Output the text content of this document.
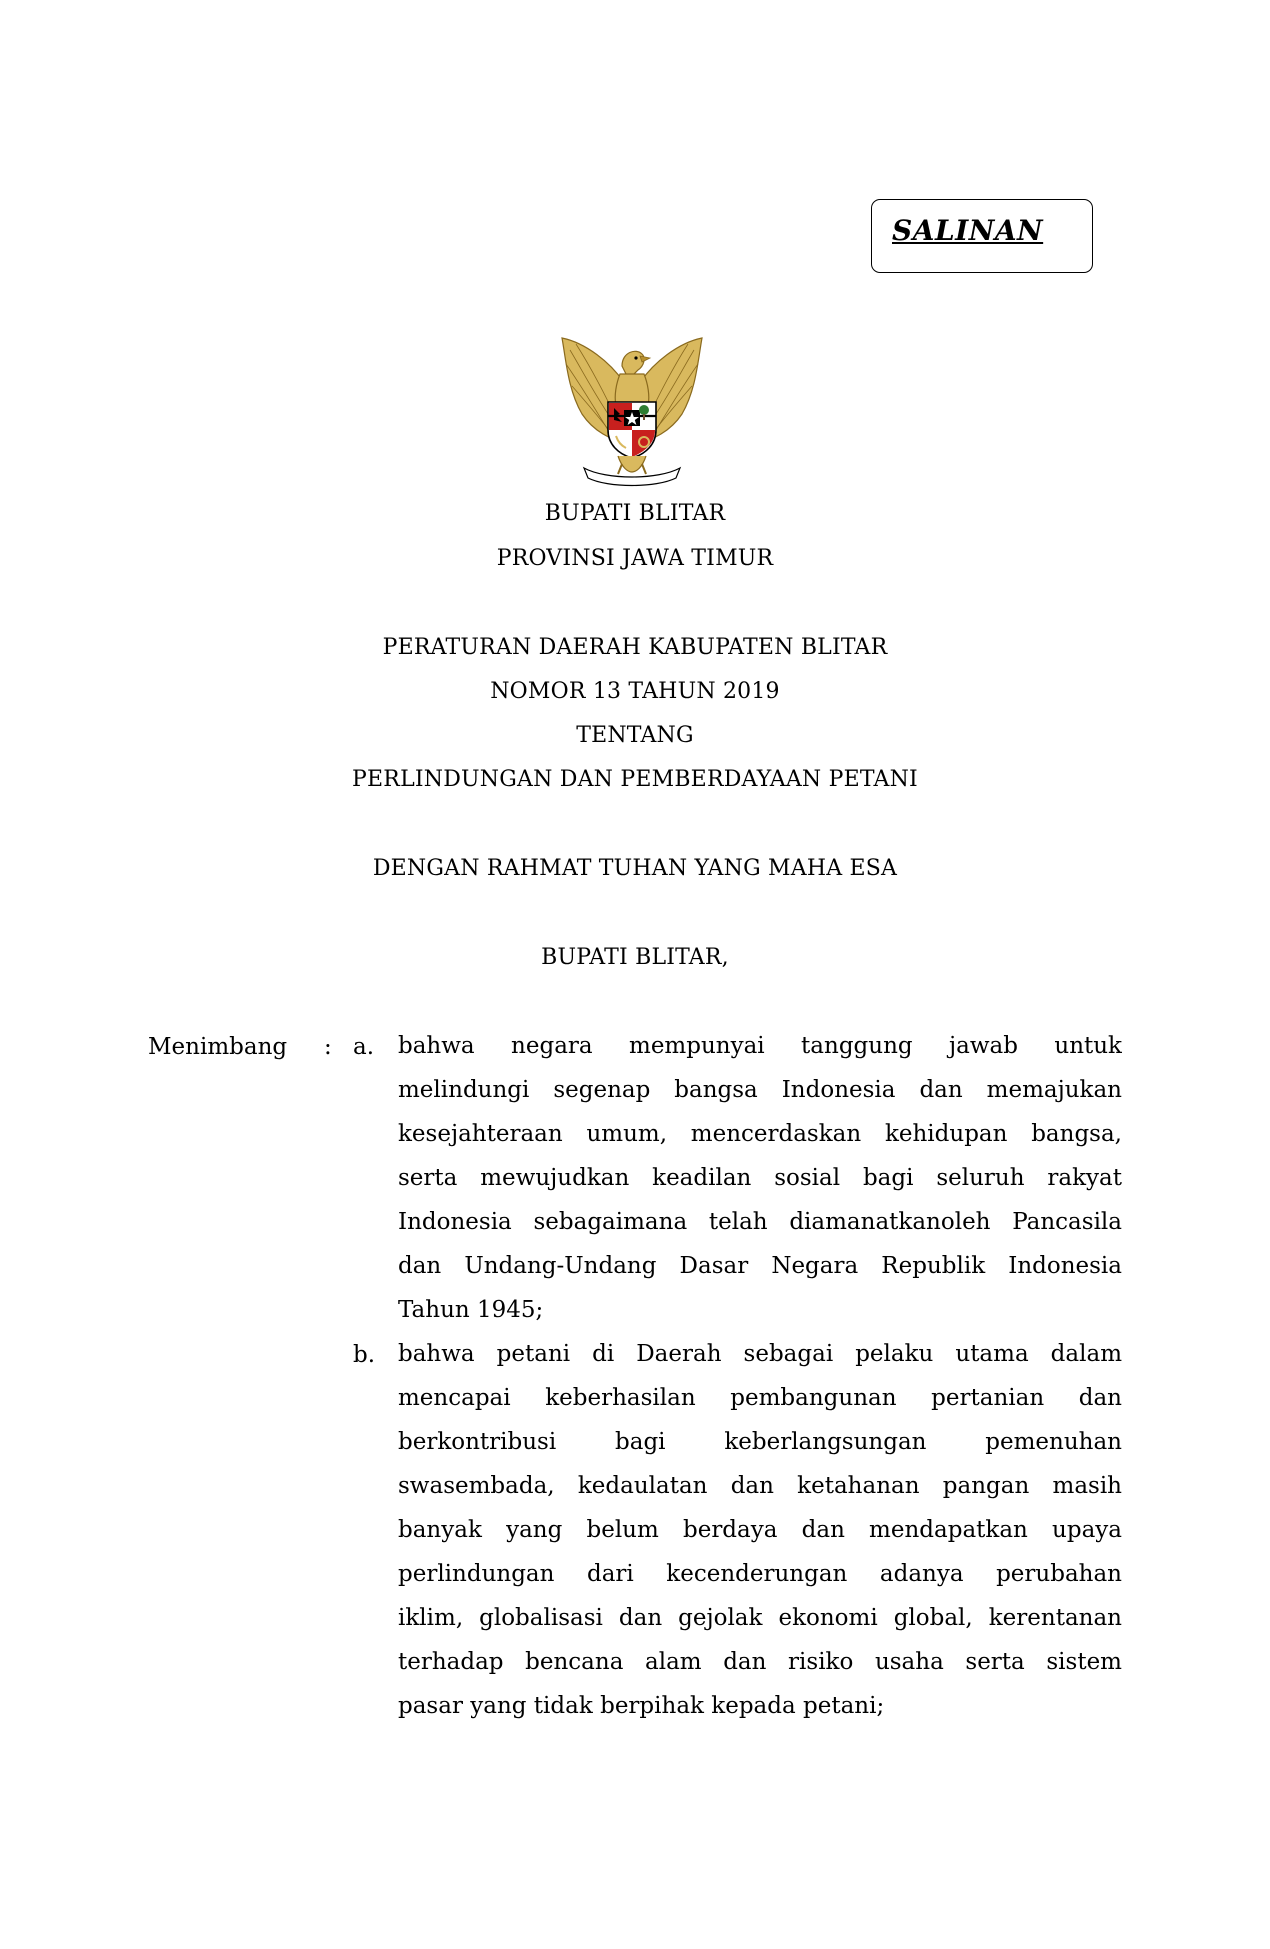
SALINAN
BUPATI BLITAR
PROVINSI JAWA TIMUR
PERATURAN DAERAH KABUPATEN BLITAR
NOMOR 13 TAHUN 2019
TENTANG
PERLINDUNGAN DAN PEMBERDAYAAN PETANI
DENGAN RAHMAT TUHAN YANG MAHA ESA
BUPATI BLITAR,
Menimbang : a. bahwa negara mempunyai tanggung jawab untuk
melindungi segenap bangsa Indonesia dan memajukan
kesejahteraan umum, mencerdaskan kehidupan bangsa,
serta mewujudkan keadilan sosial bagi seluruh rakyat
Indonesia sebagaimana telah diamanatkanoleh Pancasila
dan Undang-Undang Dasar Negara Republik Indonesia
Tahun 1945;
b. bahwa petani di Daerah sebagai pelaku utama dalam
mencapai keberhasilan pembangunan pertanian dan
berkontribusi bagi keberlangsungan pemenuhan
swasembada, kedaulatan dan ketahanan pangan masih
banyak yang belum berdaya dan mendapatkan upaya
perlindungan dari kecenderungan adanya perubahan
iklim, globalisasi dan gejolak ekonomi global, kerentanan
terhadap bencana alam dan risiko usaha serta sistem
pasar yang tidak berpihak kepada petani;
